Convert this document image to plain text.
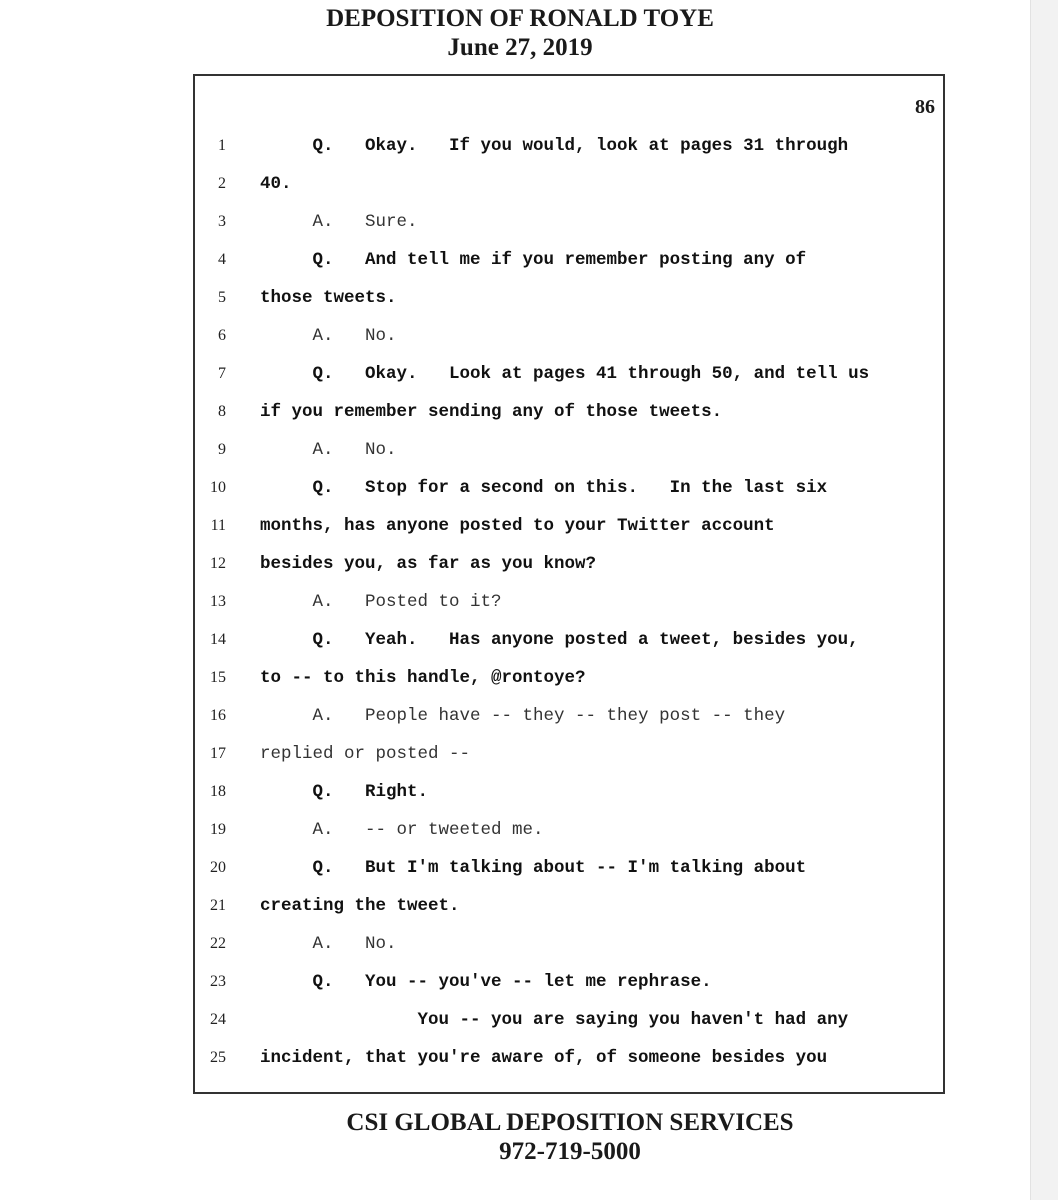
DEPOSITION OF RONALD TOYE
June 27, 2019
86
1 Q.   Okay.   If you would, look at pages 31 through
2 40.
3 A.   Sure.
4 Q.   And tell me if you remember posting any of
5 those tweets.
6 A.   No.
7 Q.   Okay.   Look at pages 41 through 50, and tell us
8 if you remember sending any of those tweets.
9 A.   No.
10 Q.   Stop for a second on this.   In the last six
11 months, has anyone posted to your Twitter account
12 besides you, as far as you know?
13 A.   Posted to it?
14 Q.   Yeah.   Has anyone posted a tweet, besides you,
15 to -- to this handle, @rontoye?
16 A.   People have -- they -- they post -- they
17 replied or posted --
18 Q.   Right.
19 A.   -- or tweeted me.
20 Q.   But I'm talking about -- I'm talking about
21 creating the tweet.
22 A.   No.
23 Q.   You -- you've -- let me rephrase.
24 You -- you are saying you haven't had any
25 incident, that you're aware of, of someone besides you
CSI GLOBAL DEPOSITION SERVICES
972-719-5000
